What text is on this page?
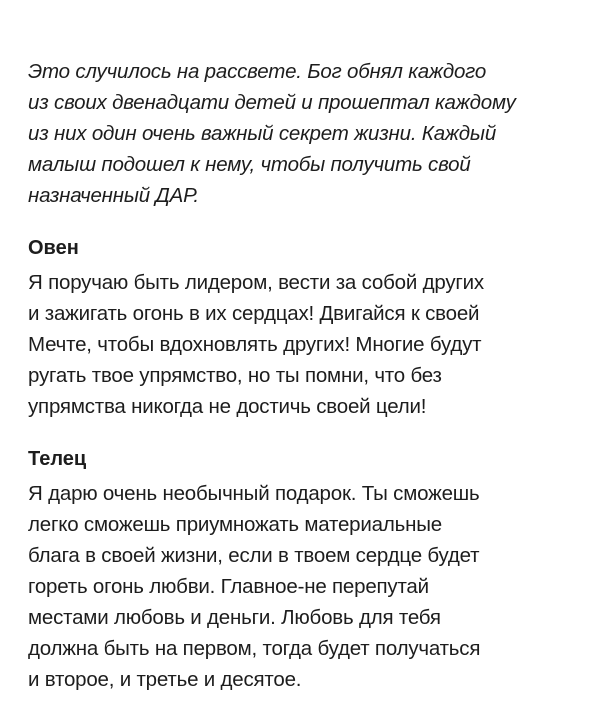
Это случилось на рассвете. Бог обнял каждого
из своих двенадцати детей и прошептал каждому
из них один очень важный секрет жизни. Каждый
малыш подошел к нему, чтобы получить свой
назначенный ДАР.

Овен

Я поручаю быть лидером, вести за собой других
и зажигать огонь в их сердцах! Двигайся к своей
Мечте, чтобы вдохновлять других! Многие будут
ругать твое упрямство, но ты помни, что без
упрямства никогда не достичь своей цели!

Телец

Я дарю очень необычный подарок. Ты сможешь
легко сможешь приумножать материальные
блага в своей жизни, если в твоем сердце будет
гореть огонь любви. Главное-не перепутай
местами любовь и деньги. Любовь для тебя
должна быть на первом, тогда будет получаться
и второе, и третье и десятое.
